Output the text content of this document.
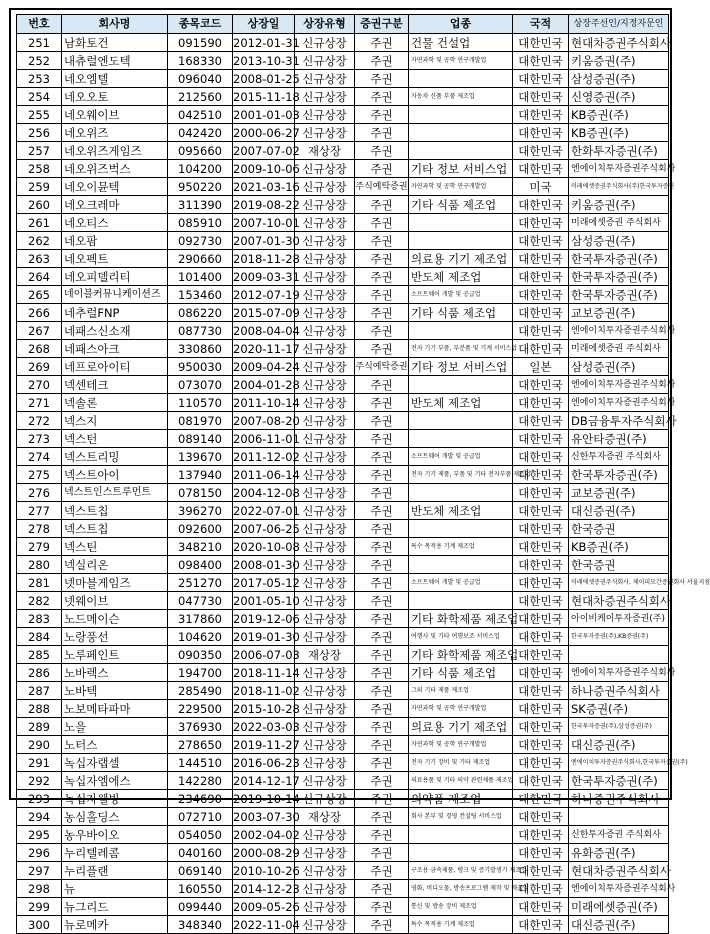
번호	회사명	종목코드	상장일	상장유형	증권구분	업종	국적	상장주선인/지정자문인
251	남화토건	091590	2012-01-31	신규상장	주권	건물 건설업	대한민국	현대차증권주식회사
252	내츄럴엔도텍	168330	2013-10-31	신규상장	주권	자연과학 및 공학 연구개발업	대한민국	키움증권(주)
253	네오엠텔	096040	2008-01-25	신규상장	주권		대한민국	삼성증권(주)
254	네오오토	212560	2015-11-18	신규상장	주권	자동차 신품 부품 제조업	대한민국	신영증권(주)
255	네오웨이브	042510	2001-01-03	신규상장	주권		대한민국	KB증권(주)
256	네오위즈	042420	2000-06-27	신규상장	주권		대한민국	KB증권(주)
257	네오위즈게임즈	095660	2007-07-02	재상장	주권		대한민국	한화투자증권(주)
258	네오위즈벅스	104200	2009-10-06	신규상장	주권	기타 정보 서비스업	대한민국	엔에이치투자증권주식회사
259	네오이뮨텍	950220	2021-03-16	신규상장	주식예탁증권	자연과학 및 공학 연구개발업	미국	미래에셋증권주식회사(주)한국투자증권
260	네오크레마	311390	2019-08-22	신규상장	주권	기타 식품 제조업	대한민국	키움증권(주)
261	네오티스	085910	2007-10-01	신규상장	주권		대한민국	미래에셋증권 주식회사
262	네오팜	092730	2007-01-30	신규상장	주권		대한민국	삼성증권(주)
263	네오펙트	290660	2018-11-28	신규상장	주권	의료용 기기 제조업	대한민국	한국투자증권(주)
264	네오피델리티	101400	2009-03-31	신규상장	주권	반도체 제조업	대한민국	한국투자증권(주)
265	네이블커뮤니케이션즈	153460	2012-07-19	신규상장	주권	소프트웨어 개발 및 공급업	대한민국	한국투자증권(주)
266	네추럴FNP	086220	2015-07-09	신규상장	주권	기타 식품 제조업	대한민국	교보증권(주)
267	네패스신소재	087730	2008-04-04	신규상장	주권		대한민국	엔에이치투자증권주식회사
268	네패스아크	330860	2020-11-17	신규상장	주권	전자 기기 부품, 부분품 및 기계 서비스업	대한민국	미래에셋증권 주식회사
269	네프로아이티	950030	2009-04-24	신규상장	주식예탁증권	기타 정보 서비스업	일본	삼성증권(주)
270	넥센테크	073070	2004-01-28	신규상장	주권		대한민국	엔에이치투자증권주식회사
271	넥솔론	110570	2011-10-14	신규상장	주권	반도체 제조업	대한민국	엔에이치투자증권주식회사
272	넥스지	081970	2007-08-20	신규상장	주권		대한민국	DB금융투자주식회사
273	넥스턴	089140	2006-11-01	신규상장	주권		대한민국	유안타증권(주)
274	넥스트리밍	139670	2011-12-02	신규상장	주권	소프트웨어 개발 및 공급업	대한민국	신한투자증권 주식회사
275	넥스트아이	137940	2011-06-14	신규상장	주권	전자 기기 제품, 부품 및 기타 전자부품 제조업	대한민국	한국투자증권(주)
276	넥스트인스트루먼트	078150	2004-12-08	신규상장	주권		대한민국	교보증권(주)
277	넥스트칩	396270	2022-07-01	신규상장	주권	반도체 제조업	대한민국	대신증권(주)
278	넥스트칩	092600	2007-06-25	신규상장	주권		대한민국	한국증권
279	넥스틴	348210	2020-10-08	신규상장	주권	특수 목적용 기계 제조업	대한민국	KB증권(주)
280	넥실리온	098400	2008-01-30	신규상장	주권		대한민국	한국증권
281	넷마블게임즈	251270	2017-05-12	신규상장	주권	소프트웨어 개발 및 공급업	대한민국	미래에셋증권주식회사, 제이피모간증권회사 서울지점
282	넷웨이브	047730	2001-05-10	신규상장	주권		대한민국	현대차증권주식회사
283	노드메이슨	317860	2019-12-06	신규상장	주권	기타 화학제품 제조업	대한민국	아이비케이투자증권(주)
284	노랑풍선	104620	2019-01-30	신규상장	주권	여행사 및 기타 여행보조 서비스업	대한민국	한국투자증권(주),KB증권(주)
285	노루페인트	090350	2006-07-03	재상장	주권	기타 화학제품 제조업	대한민국	
286	노바렉스	194700	2018-11-14	신규상장	주권	기타 식품 제조업	대한민국	엔에이치투자증권주식회사
287	노바텍	285490	2018-11-02	신규상장	주권	그외 기타 제품 제조업	대한민국	하나증권주식회사
288	노보메타파마	229500	2015-10-28	신규상장	주권	자연과학 및 공학 연구개발업	대한민국	SK증권(주)
289	노을	376930	2022-03-03	신규상장	주권	의료용 기기 제조업	대한민국	한국투자증권(주),삼성증권(주)
290	노터스	278650	2019-11-27	신규상장	주권	자연과학 및 공학 연구개발업	대한민국	대신증권(주)
291	녹십자랩셀	144510	2016-06-23	신규상장	주권	전자 기기 장비 및 기타 제조업	대한민국	엔에이치투자증권주식회사,한국투자증권(주)
292	녹십자엠에스	142280	2014-12-17	신규상장	주권	의료용품 및 기타 의약 관련제품 제조업	대한민국	한국투자증권(주)
293	녹십자웰빙	234690	2019-10-14	신규상장	주권	의약품 제조업	대한민국	하나증권주식회사
294	농심홀딩스	072710	2003-07-30	재상장	주권	회사 본부 및 경영 컨설팅 서비스업	대한민국	
295	농우바이오	054050	2002-04-02	신규상장	주권		대한민국	신한투자증권 주식회사
296	누리텔레콤	040160	2000-08-29	신규상장	주권		대한민국	유화증권(주)
297	누리플랜	069140	2010-10-26	신규상장	주권	구조용 금속제품, 탱크 및 증기발생기 제조업	대한민국	현대차증권주식회사
298	뉴	160550	2014-12-23	신규상장	주권	영화, 비디오물, 방송프로그램 제작 및 배급업	대한민국	엔에이치투자증권주식회사
299	뉴그리드	099440	2009-05-26	신규상장	주권	통신 및 방송 장비 제조업	대한민국	미래에셋증권(주)
300	뉴로메카	348340	2022-11-04	신규상장	주권	특수 목적용 기계 제조업	대한민국	대신증권(주)
